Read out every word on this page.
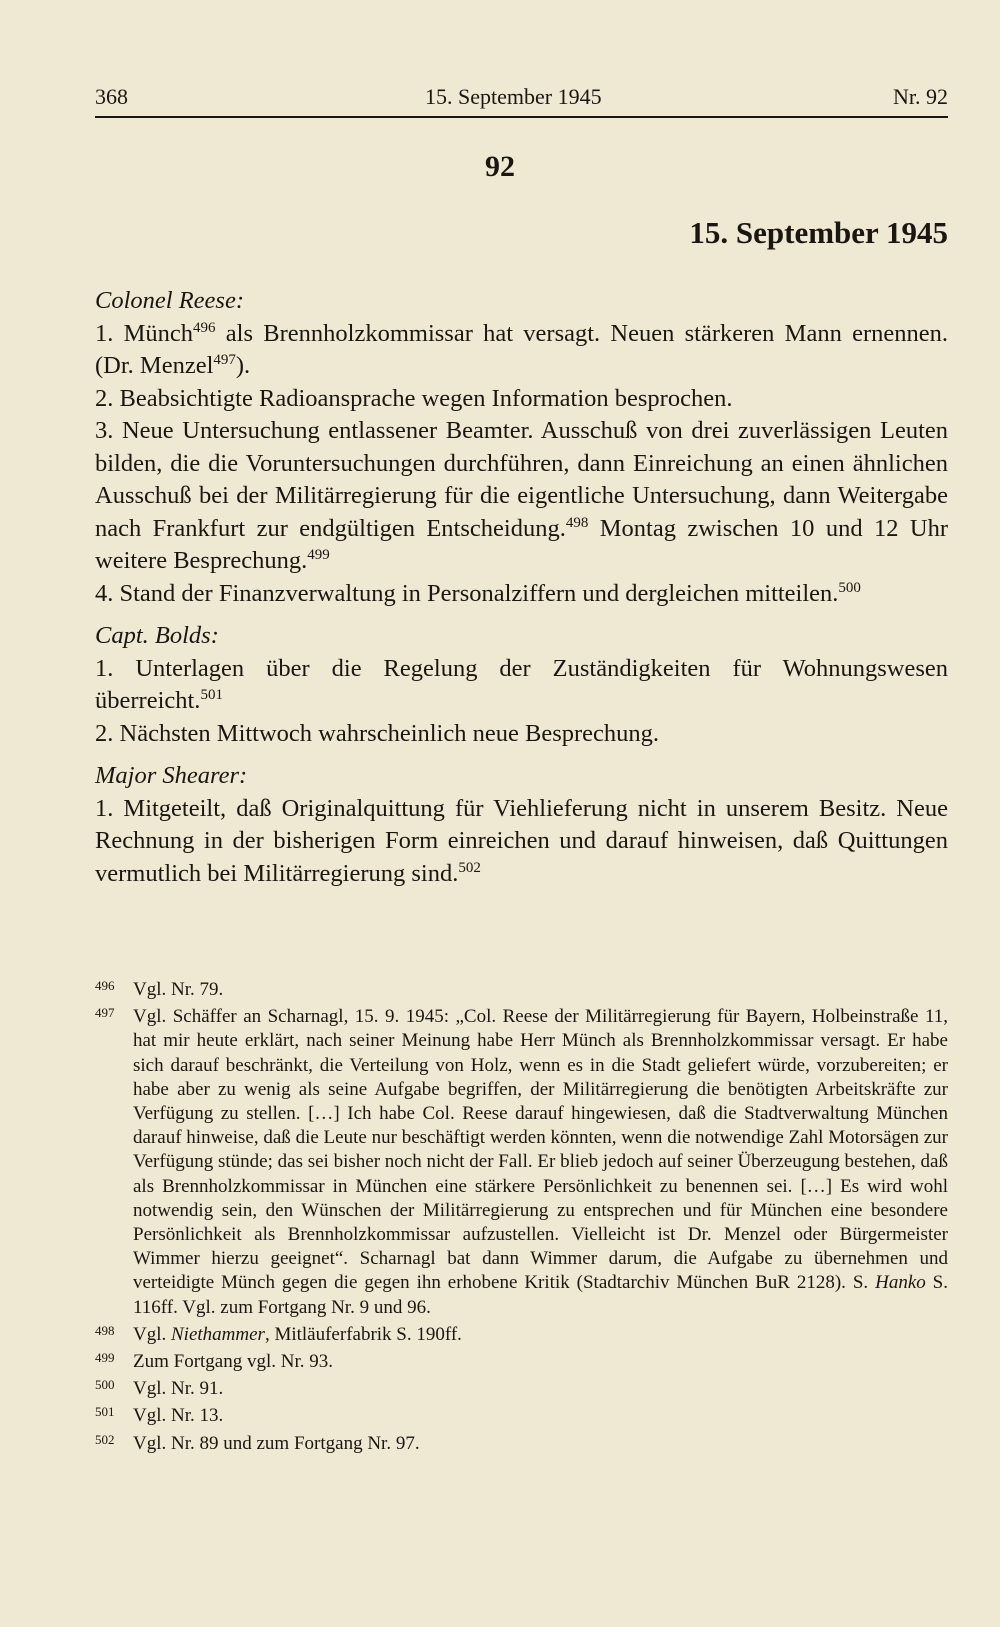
368	15. September 1945	Nr. 92
92
15. September 1945

Colonel Reese:

1. Münch$^{496}$ als Brennholzkommissar hat versagt. Neuen stärkeren Mann ernennen. (Dr. Menzel$^{497}$).

2. Beabsichtigte Radioansprache wegen Information besprochen.

3. Neue Untersuchung entlassener Beamter. Ausschuß von drei zuverlässigen Leuten bilden, die die Voruntersuchungen durchführen, dann Einreichung an einen ähnlichen Ausschuß bei der Militärregierung für die eigentliche Untersuchung, dann Weitergabe nach Frankfurt zur endgültigen Entscheidung.$^{498}$ Montag zwischen 10 und 12 Uhr weitere Besprechung.$^{499}$

4. Stand der Finanzverwaltung in Personalziffern und dergleichen mitteilen.$^{500}$

Capt. Bolds:

1. Unterlagen über die Regelung der Zuständigkeiten für Wohnungswesen überreicht.$^{501}$

2. Nächsten Mittwoch wahrscheinlich neue Besprechung.

Major Shearer:

1. Mitgeteilt, daß Originalquittung für Viehlieferung nicht in unserem Besitz. Neue Rechnung in der bisherigen Form einreichen und darauf hinweisen, daß Quittungen vermutlich bei Militärregierung sind.$^{502}$

496 Vgl. Nr. 79.

497 Vgl. Schäffer an Scharnagl, 15. 9. 1945: „Col. Reese der Militärregierung für Bayern, Holbeinstraße 11, hat mir heute erklärt, nach seiner Meinung habe Herr Münch als Brennholzkommissar versagt. Er habe sich darauf beschränkt, die Verteilung von Holz, wenn es in die Stadt geliefert würde, vorzubereiten; er habe aber zu wenig als seine Aufgabe begriffen, der Militärregierung die benötigten Arbeitskräfte zur Verfügung zu stellen. […] Ich habe Col. Reese darauf hingewiesen, daß die Stadtverwaltung München darauf hinweise, daß die Leute nur beschäftigt werden könnten, wenn die notwendige Zahl Motorsägen zur Verfügung stünde; das sei bisher noch nicht der Fall. Er blieb jedoch auf seiner Überzeugung bestehen, daß als Brennholzkommissar in München eine stärkere Persönlichkeit zu benennen sei. […] Es wird wohl notwendig sein, den Wünschen der Militärregierung zu entsprechen und für München eine besondere Persönlichkeit als Brennholzkommissar aufzustellen. Vielleicht ist Dr. Menzel oder Bürgermeister Wimmer hierzu geeignet“. Scharnagl bat dann Wimmer darum, die Aufgabe zu übernehmen und verteidigte Münch gegen die gegen ihn erhobene Kritik (Stadtarchiv München BuR 2128). S. Hanko S. 116ff. Vgl. zum Fortgang Nr. 9 und 96.

498 Vgl. Niethammer, Mitläuferfabrik S. 190ff.

499 Zum Fortgang vgl. Nr. 93.

500 Vgl. Nr. 91.

501 Vgl. Nr. 13.

502 Vgl. Nr. 89 und zum Fortgang Nr. 97.
